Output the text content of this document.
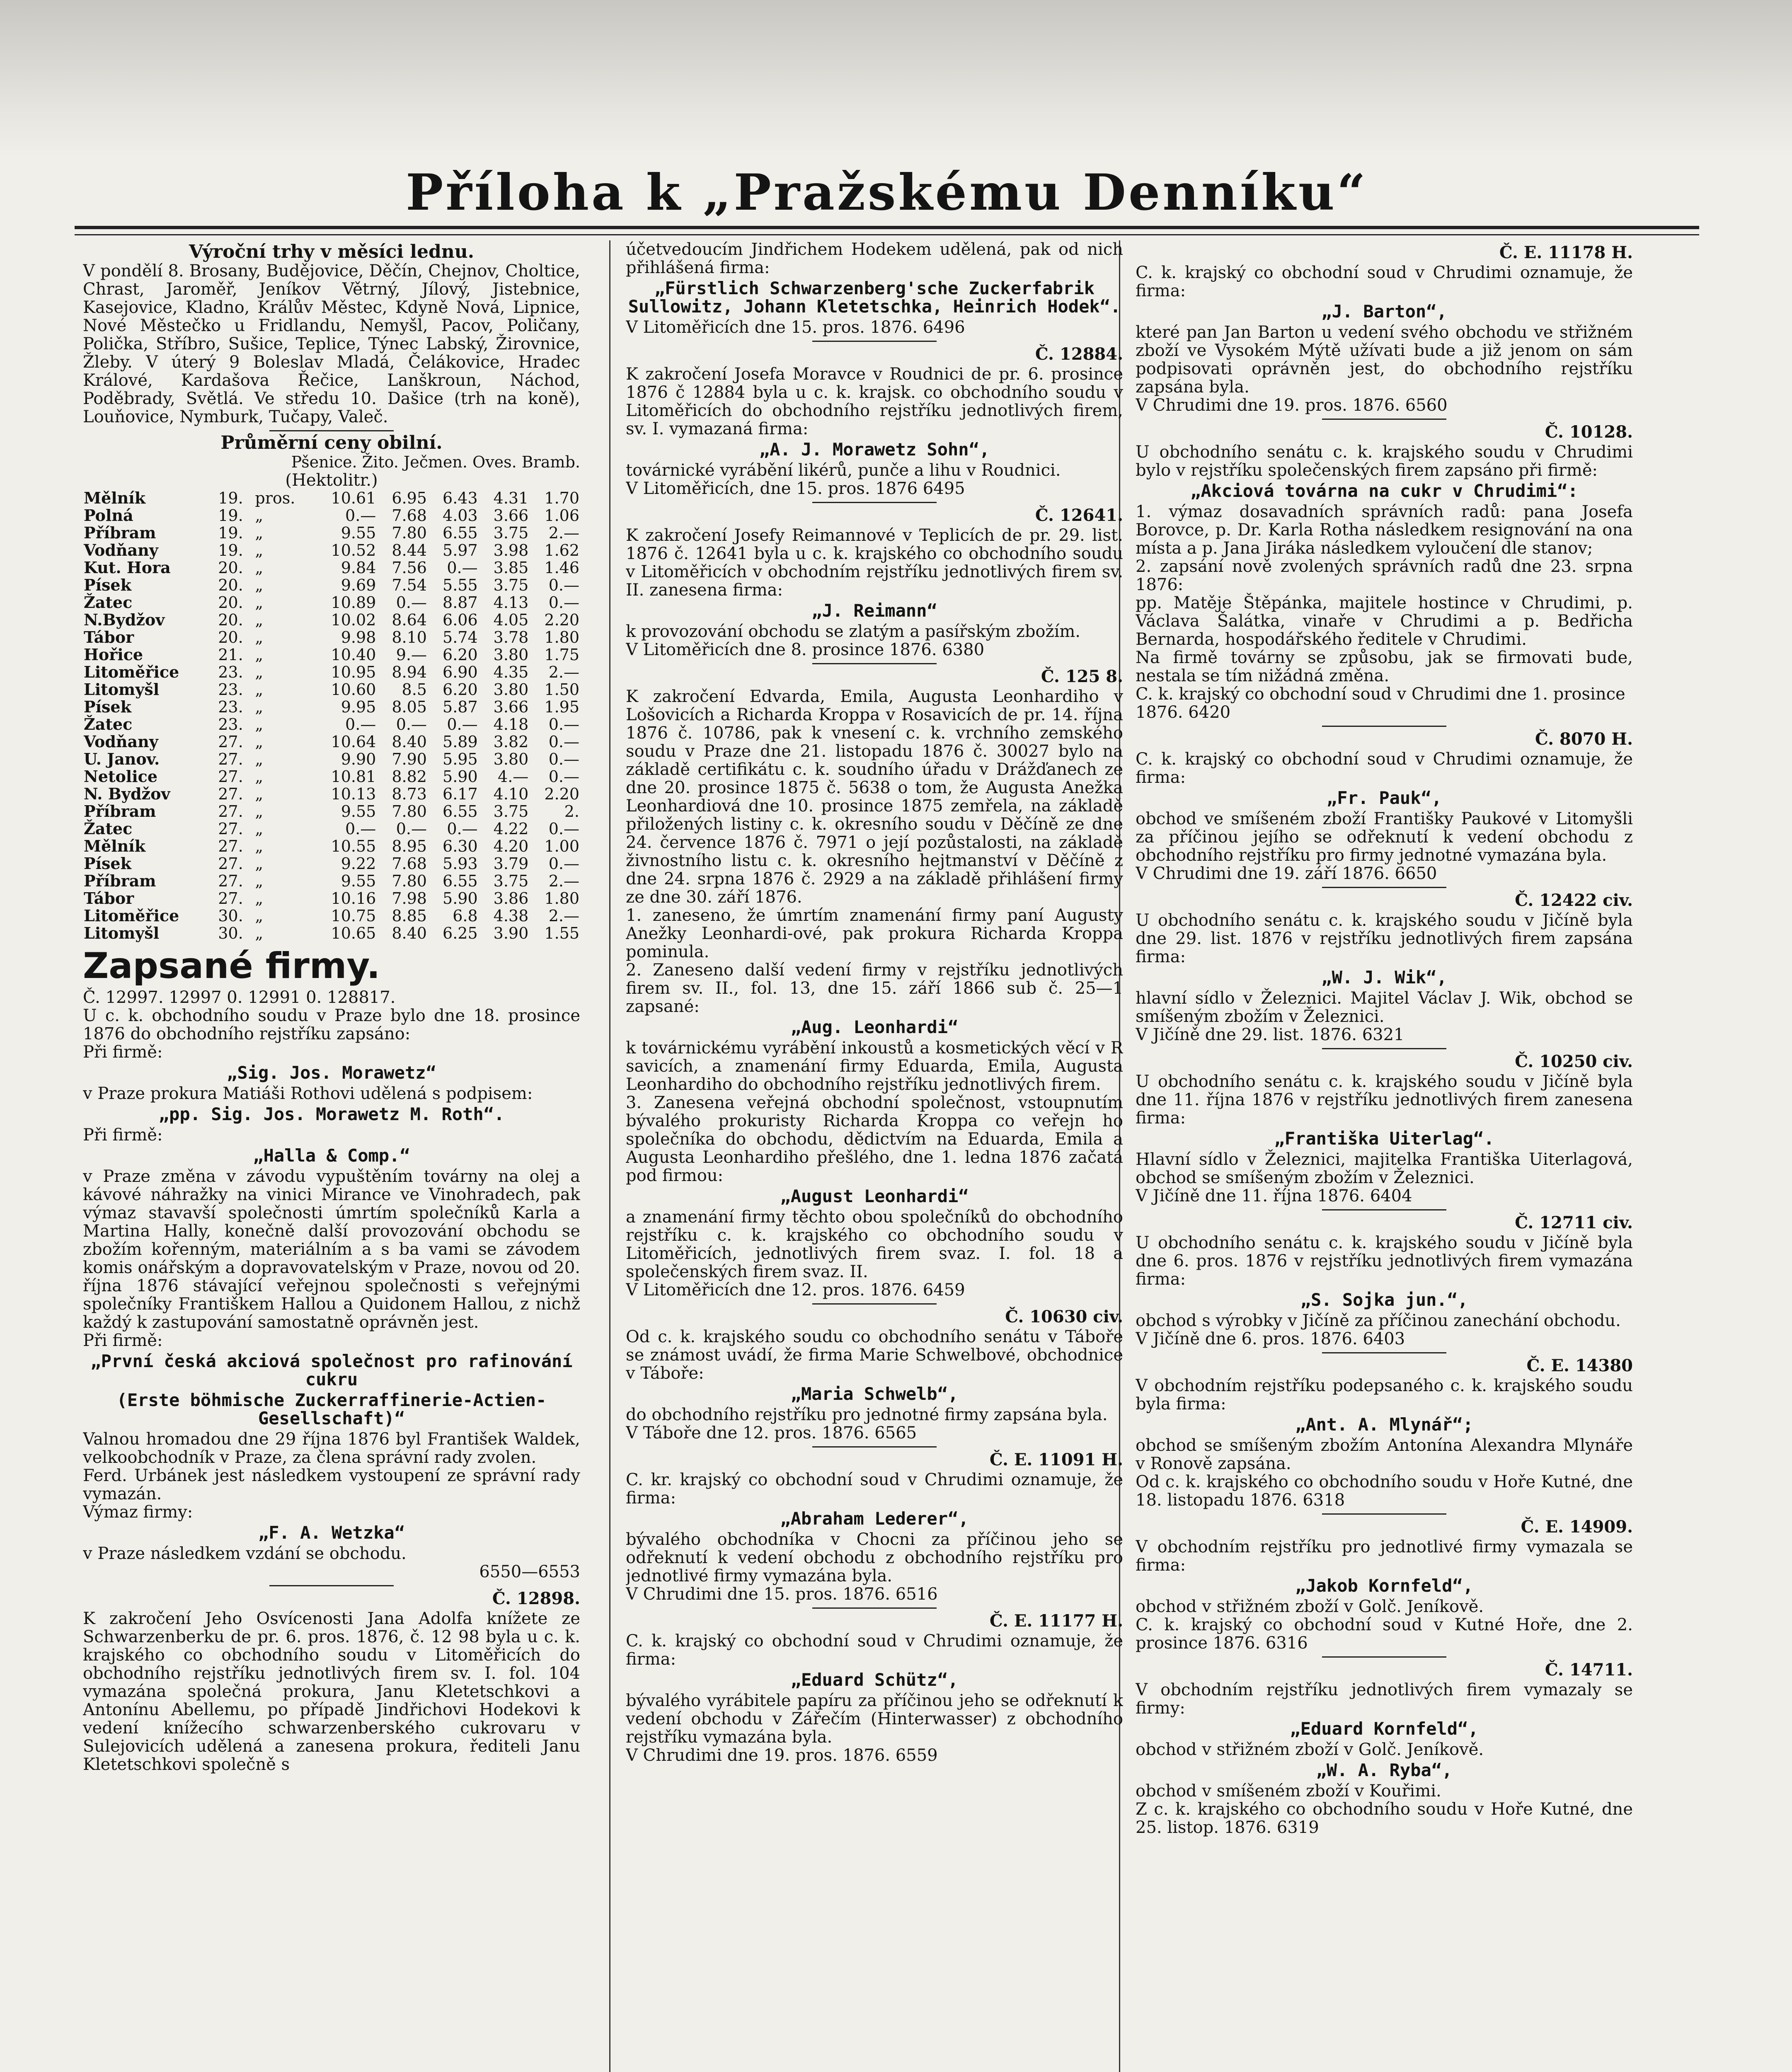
Příloha k „Pražskému Denníku“
Výroční trhy v měsíci lednu.

V pondělí 8. Brosany, Budějovice, Děčín, Chejnov, Choltice, Chrast, Jaroměř, Jeníkov Větrný, Jílový, Jistebnice, Kasejovice, Kladno, Králův Městec, Kdyně Nová, Lipnice, Nové Městečko u Fridlandu, Nemyšl, Pacov, Poličany, Polička, Stříbro, Sušice, Teplice, Týnec Labský, Žirovnice, Žleby. V úterý 9 Boleslav Mladá, Čelákovice, Hradec Králové, Kardašova Řečice, Lanškroun, Náchod, Poděbrady, Světlá. Ve středu 10. Dašice (trh na koně), Louňovice, Nymburk, Tučapy, Valeč.

Průměrní ceny obilní.
Pšenice. Žito. Ječmen. Oves. Bramb.
(Hektolitr.)
Mělník	19.	pros.	10.61	6.95	6.43	4.31	1.70
Polná	19.	„	0.—	7.68	4.03	3.66	1.06
Příbram	19.	„	9.55	7.80	6.55	3.75	2.—
Vodňany	19.	„	10.52	8.44	5.97	3.98	1.62
Kut. Hora	20.	„	9.84	7.56	0.—	3.85	1.46
Písek	20.	„	9.69	7.54	5.55	3.75	0.—
Žatec	20.	„	10.89	0.—	8.87	4.13	0.—
N.Bydžov	20.	„	10.02	8.64	6.06	4.05	2.20
Tábor	20.	„	9.98	8.10	5.74	3.78	1.80
Hořice	21.	„	10.40	9.—	6.20	3.80	1.75
Litoměřice	23.	„	10.95	8.94	6.90	4.35	2.—
Litomyšl	23.	„	10.60	8.5	6.20	3.80	1.50
Písek	23.	„	9.95	8.05	5.87	3.66	1.95
Žatec	23.	„	0.—	0.—	0.—	4.18	0.—
Vodňany	27.	„	10.64	8.40	5.89	3.82	0.—
U. Janov.	27.	„	9.90	7.90	5.95	3.80	0.—
Netolice	27.	„	10.81	8.82	5.90	4.—	0.—
N. Bydžov	27.	„	10.13	8.73	6.17	4.10	2.20
Příbram	27.	„	9.55	7.80	6.55	3.75	2.
Žatec	27.	„	0.—	0.—	0.—	4.22	0.—
Mělník	27.	„	10.55	8.95	6.30	4.20	1.00
Písek	27.	„	9.22	7.68	5.93	3.79	0.—
Příbram	27.	„	9.55	7.80	6.55	3.75	2.—
Tábor	27.	„	10.16	7.98	5.90	3.86	1.80
Litoměřice	30.	„	10.75	8.85	6.8	4.38	2.—
Litomyšl	30.	„	10.65	8.40	6.25	3.90	1.55
Zapsané firmy.

Č. 12997. 12997 0. 12991 0. 128817.

U c. k. obchodního soudu v Praze bylo dne 18. prosince 1876 do obchodního rejstříku zapsáno:

Při firmě:

„Sig. Jos. Morawetz“

v Praze prokura Matiáši Rothovi udělená s podpisem:

„pp. Sig. Jos. Morawetz M. Roth“.

Při firmě:

„Halla & Comp.“

v Praze změna v závodu vypuštěním továrny na olej a kávové náhražky na vinici Mirance ve Vinohradech, pak výmaz stavavší společnosti úmrtím společníků Karla a Martina Hally, konečně další provozování obchodu se zbožím kořenným, materiálním a s ba vami se závodem komis onářským a dopravovatelským v Praze, novou od 20. října 1876 stávající veřejnou společnosti s veřejnými společníky Františkem Hallou a Quidonem Hallou, z nichž každý k zastupování samostatně oprávněn jest.

Při firmě:

„První česká akciová společnost pro rafinování cukru

(Erste böhmische Zuckerraffinerie-Actien-Gesellschaft)“

Valnou hromadou dne 29 října 1876 byl František Waldek, velkoobchodník v Praze, za člena správní rady zvolen.

Ferd. Urbánek jest následkem vystoupení ze správní rady vymazán.

Výmaz firmy:

„F. A. Wetzka“

v Praze následkem vzdání se obchodu.

6550—6553

Č. 12898.

K zakročení Jeho Osvícenosti Jana Adolfa knížete ze Schwarzenberku de pr. 6. pros. 1876, č. 12 98 byla u c. k. krajského co obchodního soudu v Litoměřicích do obchodního rejstříku jednotlivých firem sv. I. fol. 104 vymazána společná prokura, Janu Kletetschkovi a Antonínu Abellemu, po případě Jindřichovi Hodekovi k vedení knížecího schwarzenberského cukrovaru v Sulejovicích udělená a zanesena prokura, řediteli Janu Kletetschkovi společně s

účetvedoucím Jindřichem Hodekem udělená, pak od nich přihlášená firma:

„Fürstlich Schwarzenberg'sche Zuckerfabrik Sullowitz, Johann Kletetschka, Heinrich Hodek“.

V Litoměřicích dne 15. pros. 1876. 6496

Č. 12884.

K zakročení Josefa Moravce v Roudnici de pr. 6. prosince 1876 č 12884 byla u c. k. krajsk. co obchodního soudu v Litoměřicích do obchodního rejstříku jednotlivých firem, sv. I. vymazaná firma:

„A. J. Morawetz Sohn“,

továrnické vyrábění likérů, punče a lihu v Roudnici.

V Litoměřicích, dne 15. pros. 1876 6495

Č. 12641.

K zakročení Josefy Reimannové v Teplicích de pr. 29. list. 1876 č. 12641 byla u c. k. krajského co obchodního soudu v Litoměřicích v obchodním rejstříku jednotlivých firem sv. II. zanesena firma:

„J. Reimann“

k provozování obchodu se zlatým a pasířským zbožím.

V Litoměřicích dne 8. prosince 1876. 6380

Č. 125 8.

K zakročení Edvarda, Emila, Augusta Leonhardiho v Lošovicích a Richarda Kroppa v Rosavicích de pr. 14. října 1876 č. 10786, pak k vnesení c. k. vrchního zemského soudu v Praze dne 21. listopadu 1876 č. 30027 bylo na základě certifikátu c. k. soudního úřadu v Drážďanech ze dne 20. prosince 1875 č. 5638 o tom, že Augusta Anežka Leonhardiová dne 10. prosince 1875 zemřela, na základě přiložených listiny c. k. okresního soudu v Děčíně ze dne 24. července 1876 č. 7971 o její pozůstalosti, na základě živnostního listu c. k. okresního hejtmanství v Děčíně z dne 24. srpna 1876 č. 2929 a na základě přihlášení firmy ze dne 30. září 1876.

1. zaneseno, že úmrtím znamenání firmy paní Augusty Anežky Leonhardi-ové, pak prokura Richarda Kroppa pominula.

2. Zaneseno další vedení firmy v rejstříku jednotlivých firem sv. II., fol. 13, dne 15. září 1866 sub č. 25—1 zapsané:

„Aug. Leonhardi“

k továrnickému vyrábění inkoustů a kosmetických věcí v R savicích, a znamenání firmy Eduarda, Emila, Augusta Leonhardiho do obchodního rejstříku jednotlivých firem.

3. Zanesena veřejná obchodní společnost, vstoupnutím bývalého prokuristy Richarda Kroppa co veřejn ho společníka do obchodu, dědictvím na Eduarda, Emila a Augusta Leonhardiho přešlého, dne 1. ledna 1876 začatá pod firmou:

„August Leonhardi“

a znamenání firmy těchto obou společníků do obchodního rejstříku c. k. krajského co obchodního soudu v Litoměřicích, jednotlivých firem svaz. I. fol. 18 a společenských firem svaz. II.

V Litoměřicích dne 12. pros. 1876. 6459

Č. 10630 civ.

Od c. k. krajského soudu co obchodního senátu v Táboře se známost uvádí, že firma Marie Schwelbové, obchodnice v Táboře:

„Maria Schwelb“,

do obchodního rejstříku pro jednotné firmy zapsána byla.

V Táboře dne 12. pros. 1876. 6565

Č. E. 11091 H.

C. kr. krajský co obchodní soud v Chrudimi oznamuje, že firma:

„Abraham Lederer“,

bývalého obchodníka v Chocni za příčinou jeho se odřeknutí k vedení obchodu z obchodního rejstříku pro jednotlivé firmy vymazána byla.

V Chrudimi dne 15. pros. 1876. 6516

Č. E. 11177 H.

C. k. krajský co obchodní soud v Chrudimi oznamuje, že firma:

„Eduard Schütz“,

bývalého vyrábitele papíru za příčinou jeho se odřeknutí k vedení obchodu v Zářečím (Hinterwasser) z obchodního rejstříku vymazána byla.

V Chrudimi dne 19. pros. 1876. 6559

Č. E. 11178 H.

C. k. krajský co obchodní soud v Chrudimi oznamuje, že firma:

„J. Barton“,

které pan Jan Barton u vedení svého obchodu ve střižném zboží ve Vysokém Mýtě užívati bude a již jenom on sám podpisovati oprávněn jest, do obchodního rejstříku zapsána byla.

V Chrudimi dne 19. pros. 1876. 6560

Č. 10128.

U obchodního senátu c. k. krajského soudu v Chrudimi bylo v rejstříku společenských firem zapsáno při firmě:

„Akciová továrna na cukr v Chrudimi“:

1. výmaz dosavadních správních radů: pana Josefa Borovce, p. Dr. Karla Rotha následkem resignování na ona místa a p. Jana Jiráka následkem vyloučení dle stanov;

2. zapsání nově zvolených správních radů dne 23. srpna 1876:

pp. Matěje Štěpánka, majitele hostince v Chrudimi, p. Václava Šalátka, vinaře v Chrudimi a p. Bedřicha Bernarda, hospodářského ředitele v Chrudimi.

Na firmě továrny se způsobu, jak se firmovati bude, nestala se tím nižádná změna.

C. k. krajský co obchodní soud v Chrudimi dne 1. prosince 1876. 6420

Č. 8070 H.

C. k. krajský co obchodní soud v Chrudimi oznamuje, že firma:

„Fr. Pauk“,

obchod ve smíšeném zboží Františky Paukové v Litomyšli za příčinou jejího se odřeknutí k vedení obchodu z obchodního rejstříku pro firmy jednotné vymazána byla.

V Chrudimi dne 19. září 1876. 6650

Č. 12422 civ.

U obchodního senátu c. k. krajského soudu v Jičíně byla dne 29. list. 1876 v rejstříku jednotlivých firem zapsána firma:

„W. J. Wik“,

hlavní sídlo v Železnici. Majitel Václav J. Wik, obchod se smíšeným zbožím v Železnici.

V Jičíně dne 29. list. 1876. 6321

Č. 10250 civ.

U obchodního senátu c. k. krajského soudu v Jičíně byla dne 11. října 1876 v rejstříku jednotlivých firem zanesena firma:

„Františka Uiterlag“.

Hlavní sídlo v Železnici, majitelka Františka Uiterlagová, obchod se smíšeným zbožím v Železnici.

V Jičíně dne 11. října 1876. 6404

Č. 12711 civ.

U obchodního senátu c. k. krajského soudu v Jičíně byla dne 6. pros. 1876 v rejstříku jednotlivých firem vymazána firma:

„S. Sojka jun.“,

obchod s výrobky v Jičíně za příčinou zanechání obchodu.

V Jičíně dne 6. pros. 1876. 6403

Č. E. 14380

V obchodním rejstříku podepsaného c. k. krajského soudu byla firma:

„Ant. A. Mlynář“;

obchod se smíšeným zbožím Antonína Alexandra Mlynáře v Ronově zapsána.

Od c. k. krajského co obchodního soudu v Hoře Kutné, dne 18. listopadu 1876. 6318

Č. E. 14909.

V obchodním rejstříku pro jednotlivé firmy vymazala se firma:

„Jakob Kornfeld“,

obchod v střižném zboží v Golč. Jeníkově.

C. k. krajský co obchodní soud v Kutné Hoře, dne 2. prosince 1876. 6316

Č. 14711.

V obchodním rejstříku jednotlivých firem vymazaly se firmy:

„Eduard Kornfeld“,

obchod v střižném zboží v Golč. Jeníkově.

„W. A. Ryba“,

obchod v smíšeném zboží v Kouřimi.

Z c. k. krajského co obchodního soudu v Hoře Kutné, dne 25. listop. 1876. 6319
